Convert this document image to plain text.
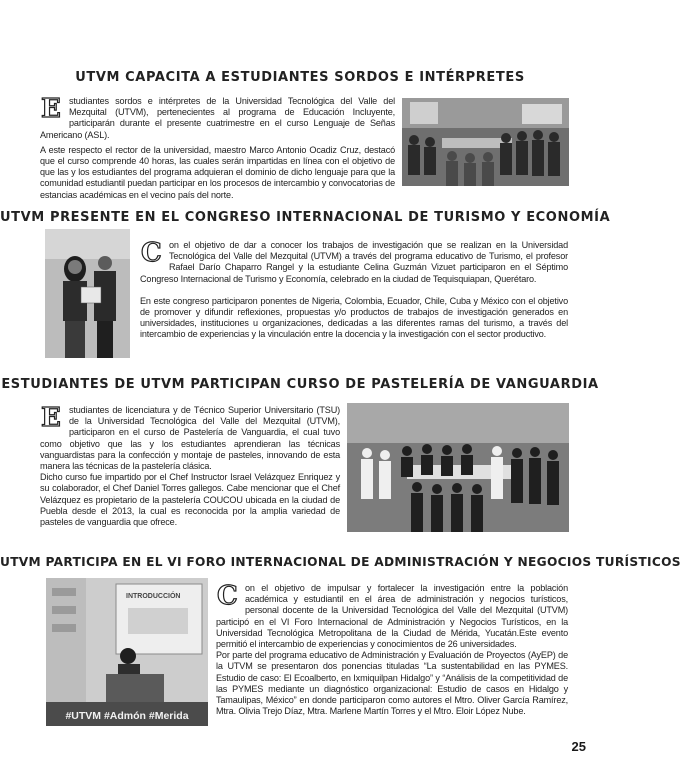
UTVM CAPACITA A ESTUDIANTES SORDOS E INTÉRPRETES
E studiantes sordos e intérpretes de la Universidad Tecnológica del Valle del Mezquital (UTVM), pertenecientes al programa de Educación Incluyente, participarán durante el presente cuatrimestre en el curso Lenguaje de Señas Americano (ASL).

A este respecto el rector de la universidad, maestro Marco Antonio Ocadiz Cruz, destacó que el curso comprende 40 horas, las cuales serán impartidas en línea con el objetivo de que las y los estudiantes del programa adquieran el dominio de dicho lenguaje para que la comunidad estudiantil puedan participar en los procesos de intercambio y convocatorias de estancias académicas en el vecino país del norte.

UTVM PRESENTE EN EL CONGRESO INTERNACIONAL DE TURISMO Y ECONOMÍA
C on el objetivo de dar a conocer los trabajos de investigación que se realizan en la Universidad Tecnológica del Valle del Mezquital (UTVM) a través del programa educativo de Turismo, el profesor Rafael Darío Chaparro Rangel y la estudiante Celina Guzmán Vizuet participaron en el Séptimo Congreso Internacional de Turismo y Economía, celebrado en la ciudad de Tequisquiapan, Querétaro.

En este congreso participaron ponentes de Nigeria, Colombia, Ecuador, Chile, Cuba y México con el objetivo de promover y difundir reflexiones, propuestas y/o productos de trabajos de investigación generados en universidades, instituciones u organizaciones, dedicadas a las diferentes ramas del turismo, a través del intercambio de experiencias y la vinculación entre la docencia y la investigación con el sector productivo.

ESTUDIANTES DE UTVM PARTICIPAN CURSO DE PASTELERÍA DE VANGUARDIA
E studiantes de licenciatura y de Técnico Superior Universitario (TSU) de la Universidad Tecnológica del Valle del Mezquital (UTVM), participaron en el curso de Pastelería de Vanguardia, el cual tuvo como objetivo que las y los estudiantes aprendieran las técnicas vanguardistas para la confección y montaje de pasteles, innovando de esta manera las técnicas de la pastelería clásica.

Dicho curso fue impartido por el Chef Instructor Israel Velázquez Enriquez y su colaborador, el Chef Daniel Torres gallegos. Cabe mencionar que el Chef Velázquez es propietario de la pastelería COUCOU ubicada en la ciudad de Puebla desde el 2013, la cual es reconocida por la amplia variedad de pasteles de vanguardia que ofrece.

UTVM PARTICIPA EN EL VI FORO INTERNACIONAL DE ADMINISTRACIÓN Y NEGOCIOS TURÍSTICOS
INTRODUCCIÓN
#UTVM #Admón #Merida
C on el objetivo de impulsar y fortalecer la investigación entre la población académica y estudiantil en el área de administración y negocios turísticos, personal docente de la Universidad Tecnológica del Valle del Mezquital (UTVM) participó en el VI Foro Internacional de Administración y Negocios Turísticos, en la Universidad Tecnológica Metropolitana de la Ciudad de Mérida, Yucatán.Este evento permitió el intercambio de experiencias y conocimientos de 26 universidades.

Por parte del programa educativo de Administración y Evaluación de Proyectos (AyEP) de la UTVM se presentaron dos ponencias tituladas “La sustentabilidad en las PYMES. Estudio de caso: El Ecoalberto, en Ixmiquilpan Hidalgo” y “Análisis de la competitividad de las PYMES mediante un diagnóstico organizacional: Estudio de casos en Hidalgo y Tamaulipas, México” en donde participaron como autores el Mtro. Oliver García Ramírez, Mtra. Olivia Trejo Díaz, Mtra. Marlene Martín Torres y el Mtro. Eloir López Nube.

25
